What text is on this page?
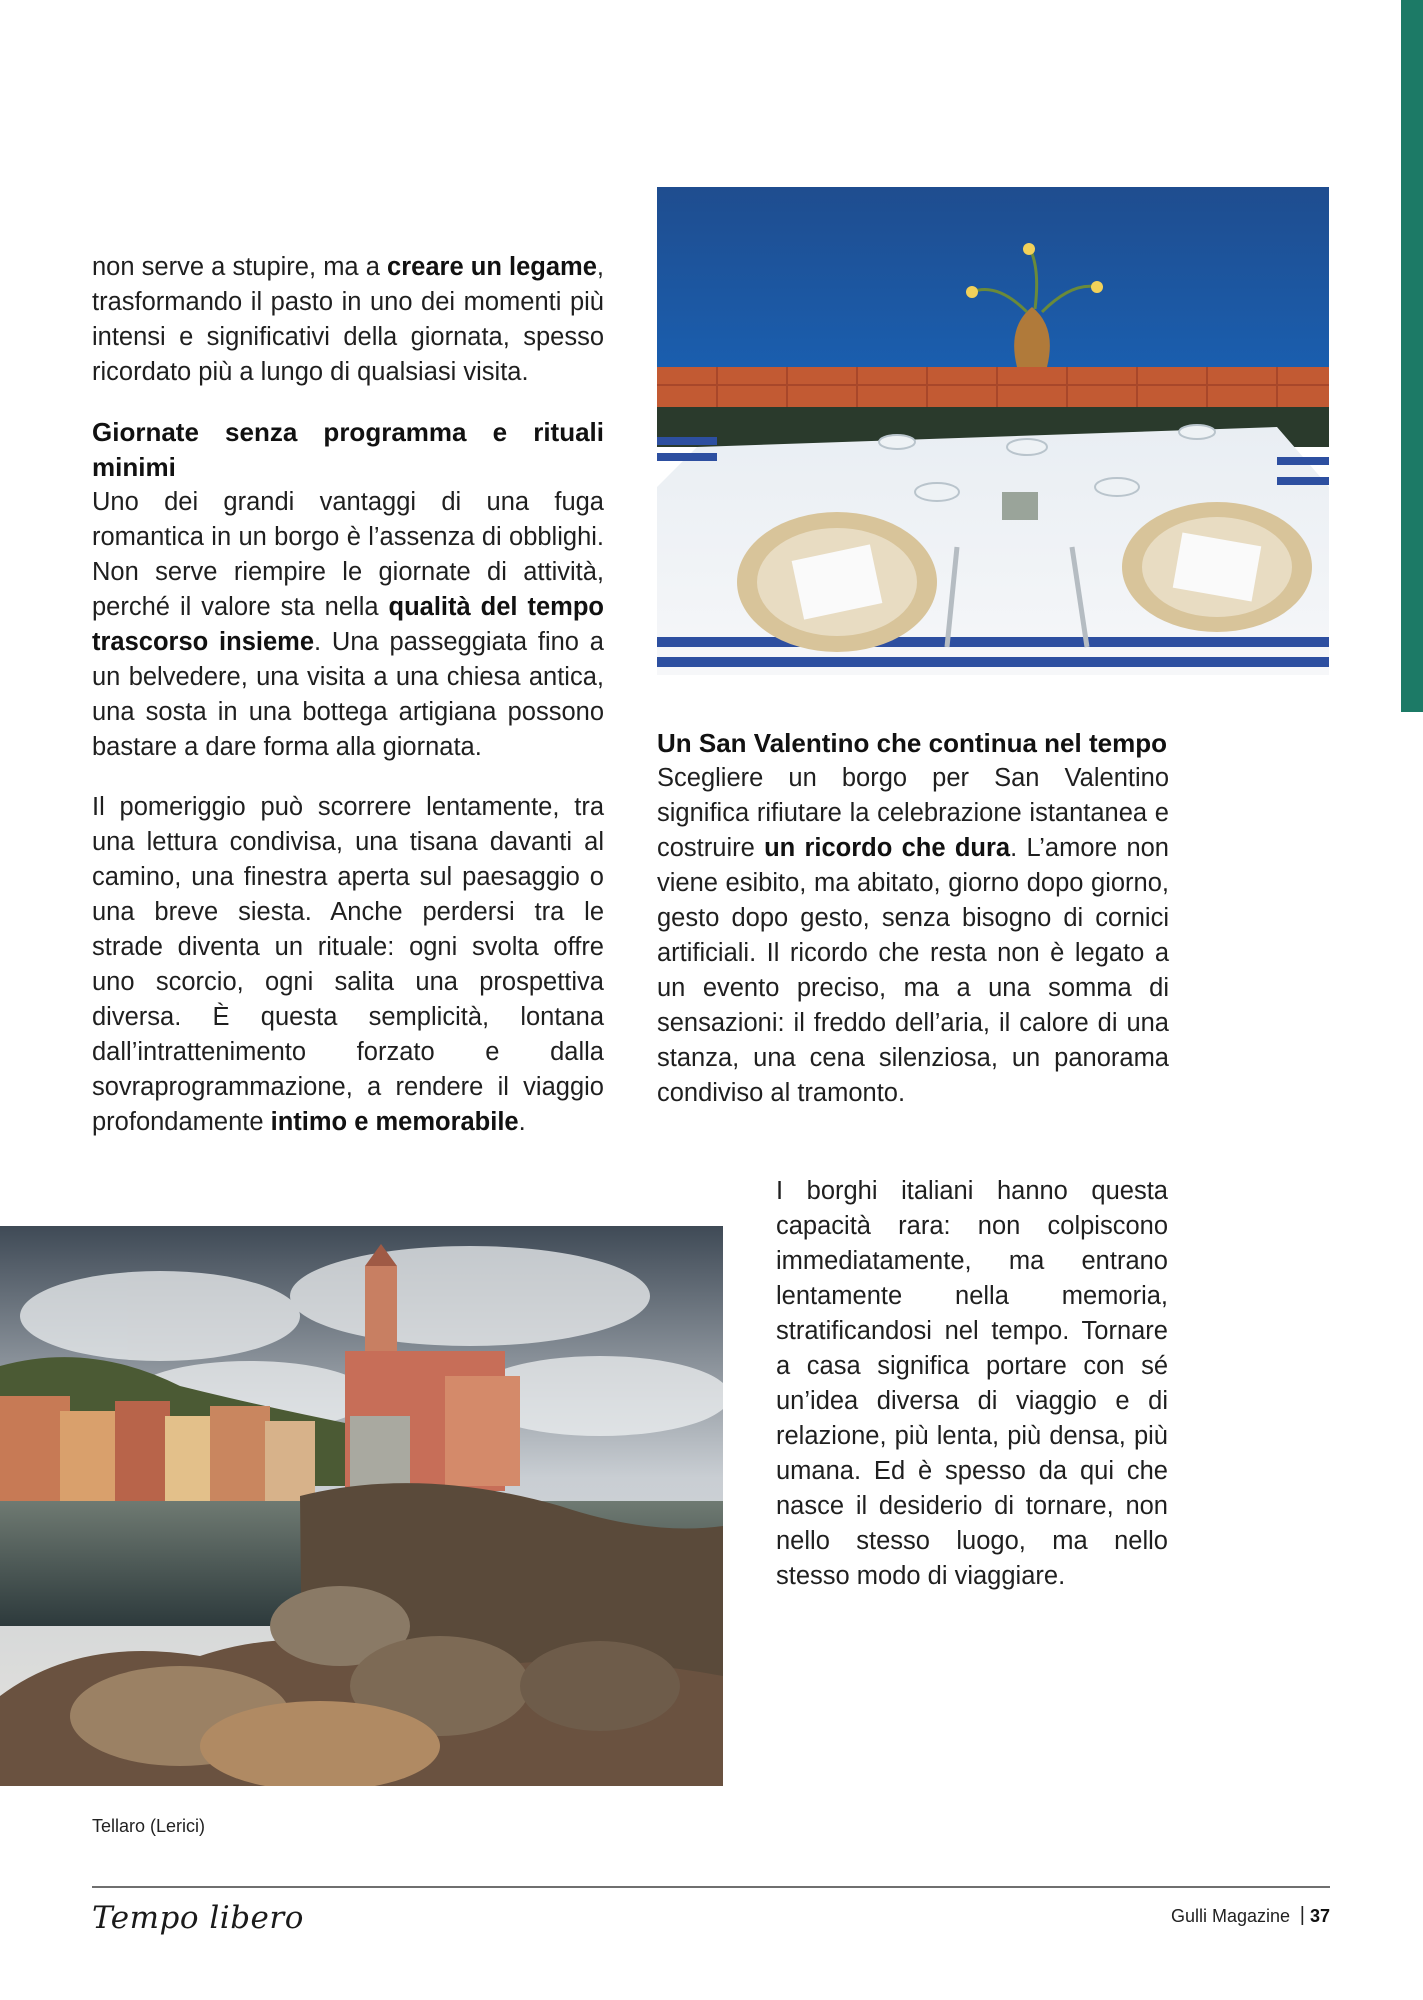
non serve a stupire, ma a creare un legame, trasformando il pasto in uno dei momenti più intensi e significativi della giornata, spesso ricordato più a lungo di qualsiasi visita.

Giornate senza programma e rituali minimi

Uno dei grandi vantaggi di una fuga romantica in un borgo è l’assenza di obblighi. Non serve riempire le giornate di attività, perché il valore sta nella qualità del tempo trascorso insieme. Una passeggiata fino a un belvedere, una visita a una chiesa antica, una sosta in una bottega artigiana possono bastare a dare forma alla giornata.

Il pomeriggio può scorrere lentamente, tra una lettura condivisa, una tisana davanti al camino, una finestra aperta sul paesaggio o una breve siesta. Anche perdersi tra le strade diventa un rituale: ogni svolta offre uno scorcio, ogni salita una prospettiva diversa. È questa semplicità, lontana dall’intrattenimento forzato e dalla sovraprogrammazione, a rendere il viaggio profondamente intimo e memorabile.

Un San Valentino che continua nel tempo

Scegliere un borgo per San Valentino significa rifiutare la celebrazione istantanea e costruire un ricordo che dura. L’amore non viene esibito, ma abitato, giorno dopo giorno, gesto dopo gesto, senza bisogno di cornici artificiali. Il ricordo che resta non è legato a un evento preciso, ma a una somma di sensazioni: il freddo dell’aria, il calore di una stanza, una cena silenziosa, un panorama condiviso al tramonto.

I borghi italiani hanno questa capacità rara: non colpiscono immediatamente, ma entrano lentamente nella memoria, stratificandosi nel tempo. Tornare a casa significa portare con sé un’idea diversa di viaggio e di relazione, più lenta, più densa, più umana. Ed è spesso da qui che nasce il desiderio di tornare, non nello stesso luogo, ma nello stesso modo di viaggiare.

Tellaro (Lerici)
Tempo libero	Gulli Magazine | 37
